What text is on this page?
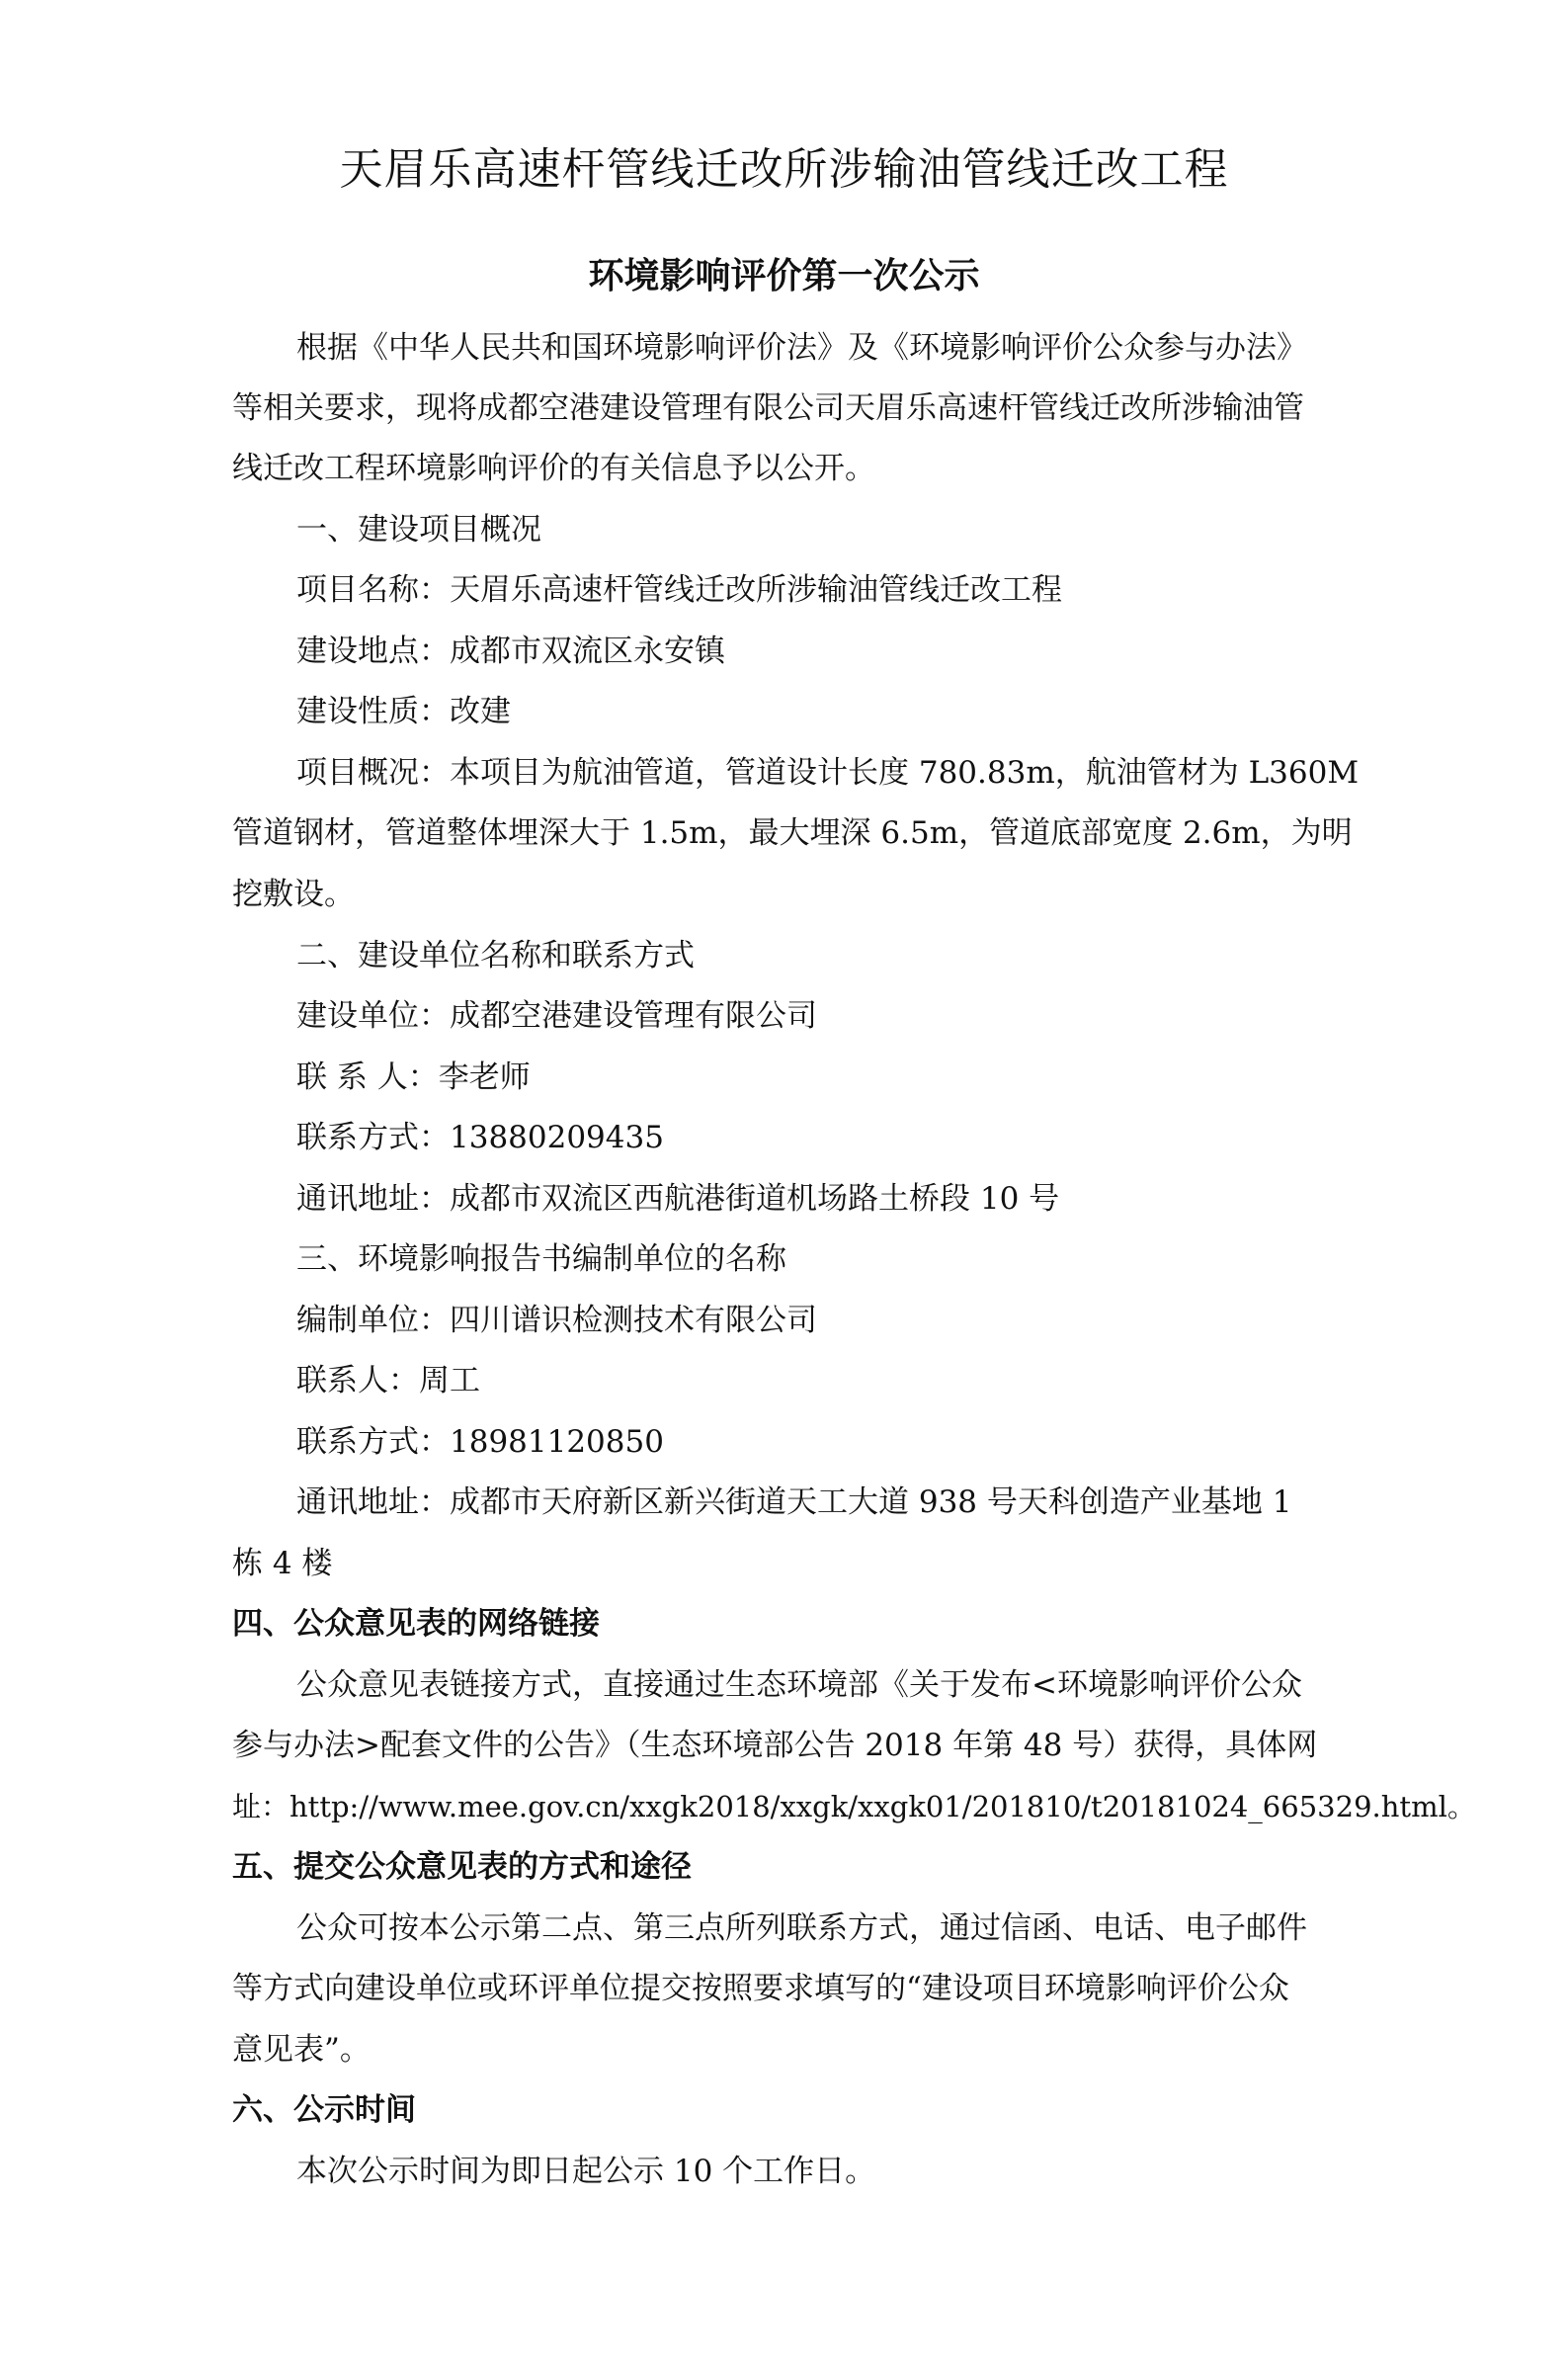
天眉乐高速杆管线迁改所涉输油管线迁改工程
环境影响评价第一次公示
根据《中华人民共和国环境影响评价法》及《环境影响评价公众参与办法》
等相关要求，现将成都空港建设管理有限公司天眉乐高速杆管线迁改所涉输油管
线迁改工程环境影响评价的有关信息予以公开。
一、建设项目概况
项目名称：天眉乐高速杆管线迁改所涉输油管线迁改工程
建设地点：成都市双流区永安镇
建设性质：改建
项目概况：本项目为航油管道，管道设计长度 780.83m，航油管材为 L360M
管道钢材，管道整体埋深大于 1.5m，最大埋深 6.5m，管道底部宽度 2.6m，为明
挖敷设。
二、建设单位名称和联系方式
建设单位：成都空港建设管理有限公司
联 系 人：李老师
联系方式：13880209435
通讯地址：成都市双流区西航港街道机场路土桥段 10 号
三、环境影响报告书编制单位的名称
编制单位：四川谱识检测技术有限公司
联系人：周工
联系方式：18981120850
通讯地址：成都市天府新区新兴街道天工大道 938 号天科创造产业基地 1
栋 4 楼
四、公众意见表的网络链接
公众意见表链接方式，直接通过生态环境部《关于发布<环境影响评价公众
参与办法>配套文件的公告》（生态环境部公告 2018 年第 48 号）获得，具体网
址：http://www.mee.gov.cn/xxgk2018/xxgk/xxgk01/201810/t20181024_665329.html。
五、提交公众意见表的方式和途径
公众可按本公示第二点、第三点所列联系方式，通过信函、电话、电子邮件
等方式向建设单位或环评单位提交按照要求填写的“建设项目环境影响评价公众
意见表”。
六、公示时间
本次公示时间为即日起公示 10 个工作日。
